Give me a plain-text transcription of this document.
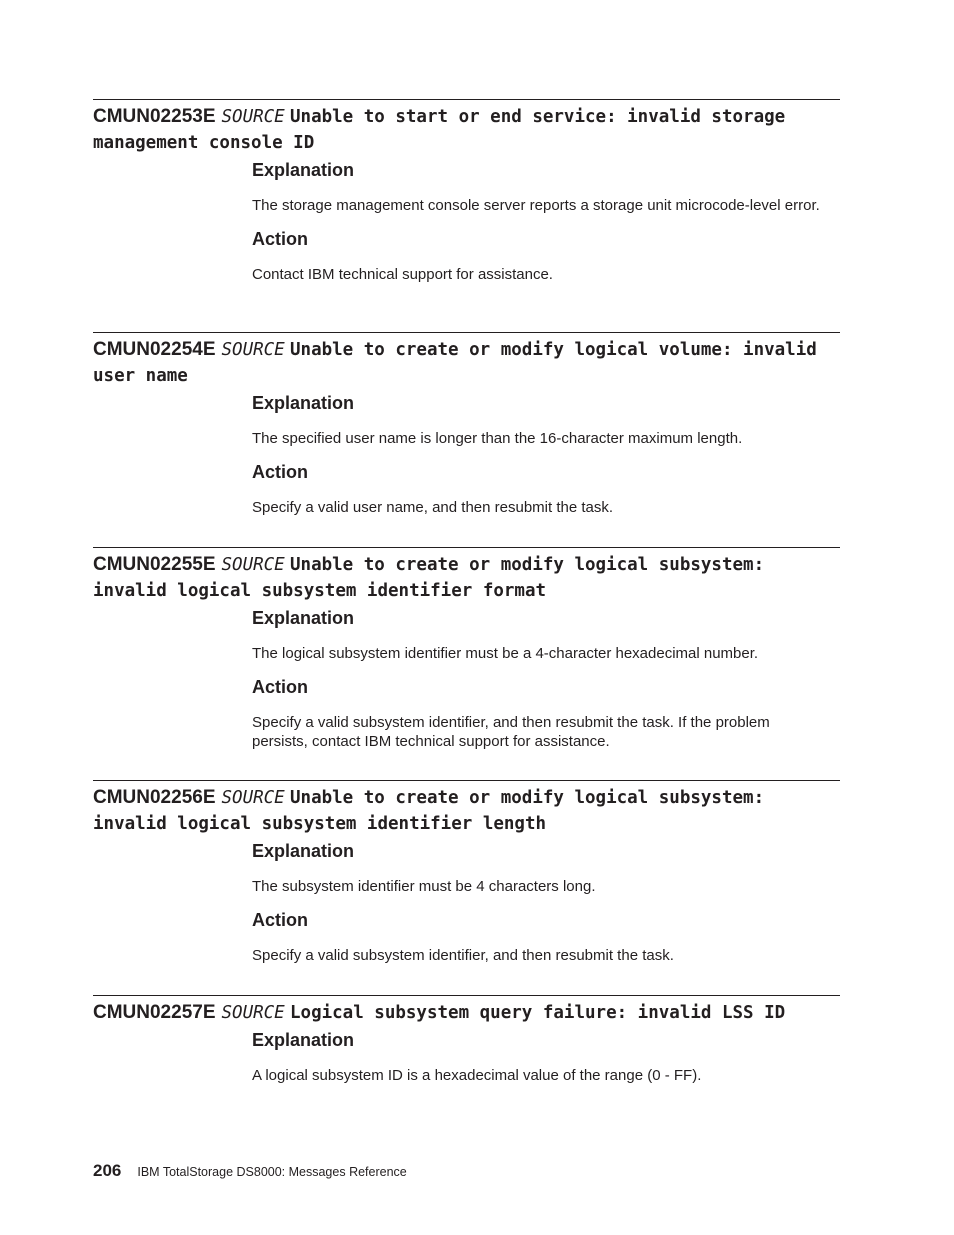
CMUN02253E SOURCE Unable to start or end service: invalid storage management console ID
Explanation
The storage management console server reports a storage unit microcode-level error.
Action
Contact IBM technical support for assistance.
CMUN02254E SOURCE Unable to create or modify logical volume: invalid user name
Explanation
The specified user name is longer than the 16-character maximum length.
Action
Specify a valid user name, and then resubmit the task.
CMUN02255E SOURCE Unable to create or modify logical subsystem: invalid logical subsystem identifier format
Explanation
The logical subsystem identifier must be a 4-character hexadecimal number.
Action
Specify a valid subsystem identifier, and then resubmit the task. If the problem persists, contact IBM technical support for assistance.
CMUN02256E SOURCE Unable to create or modify logical subsystem: invalid logical subsystem identifier length
Explanation
The subsystem identifier must be 4 characters long.
Action
Specify a valid subsystem identifier, and then resubmit the task.
CMUN02257E SOURCE Logical subsystem query failure: invalid LSS ID
Explanation
A logical subsystem ID is a hexadecimal value of the range (0 - FF).
206 IBM TotalStorage DS8000: Messages Reference
